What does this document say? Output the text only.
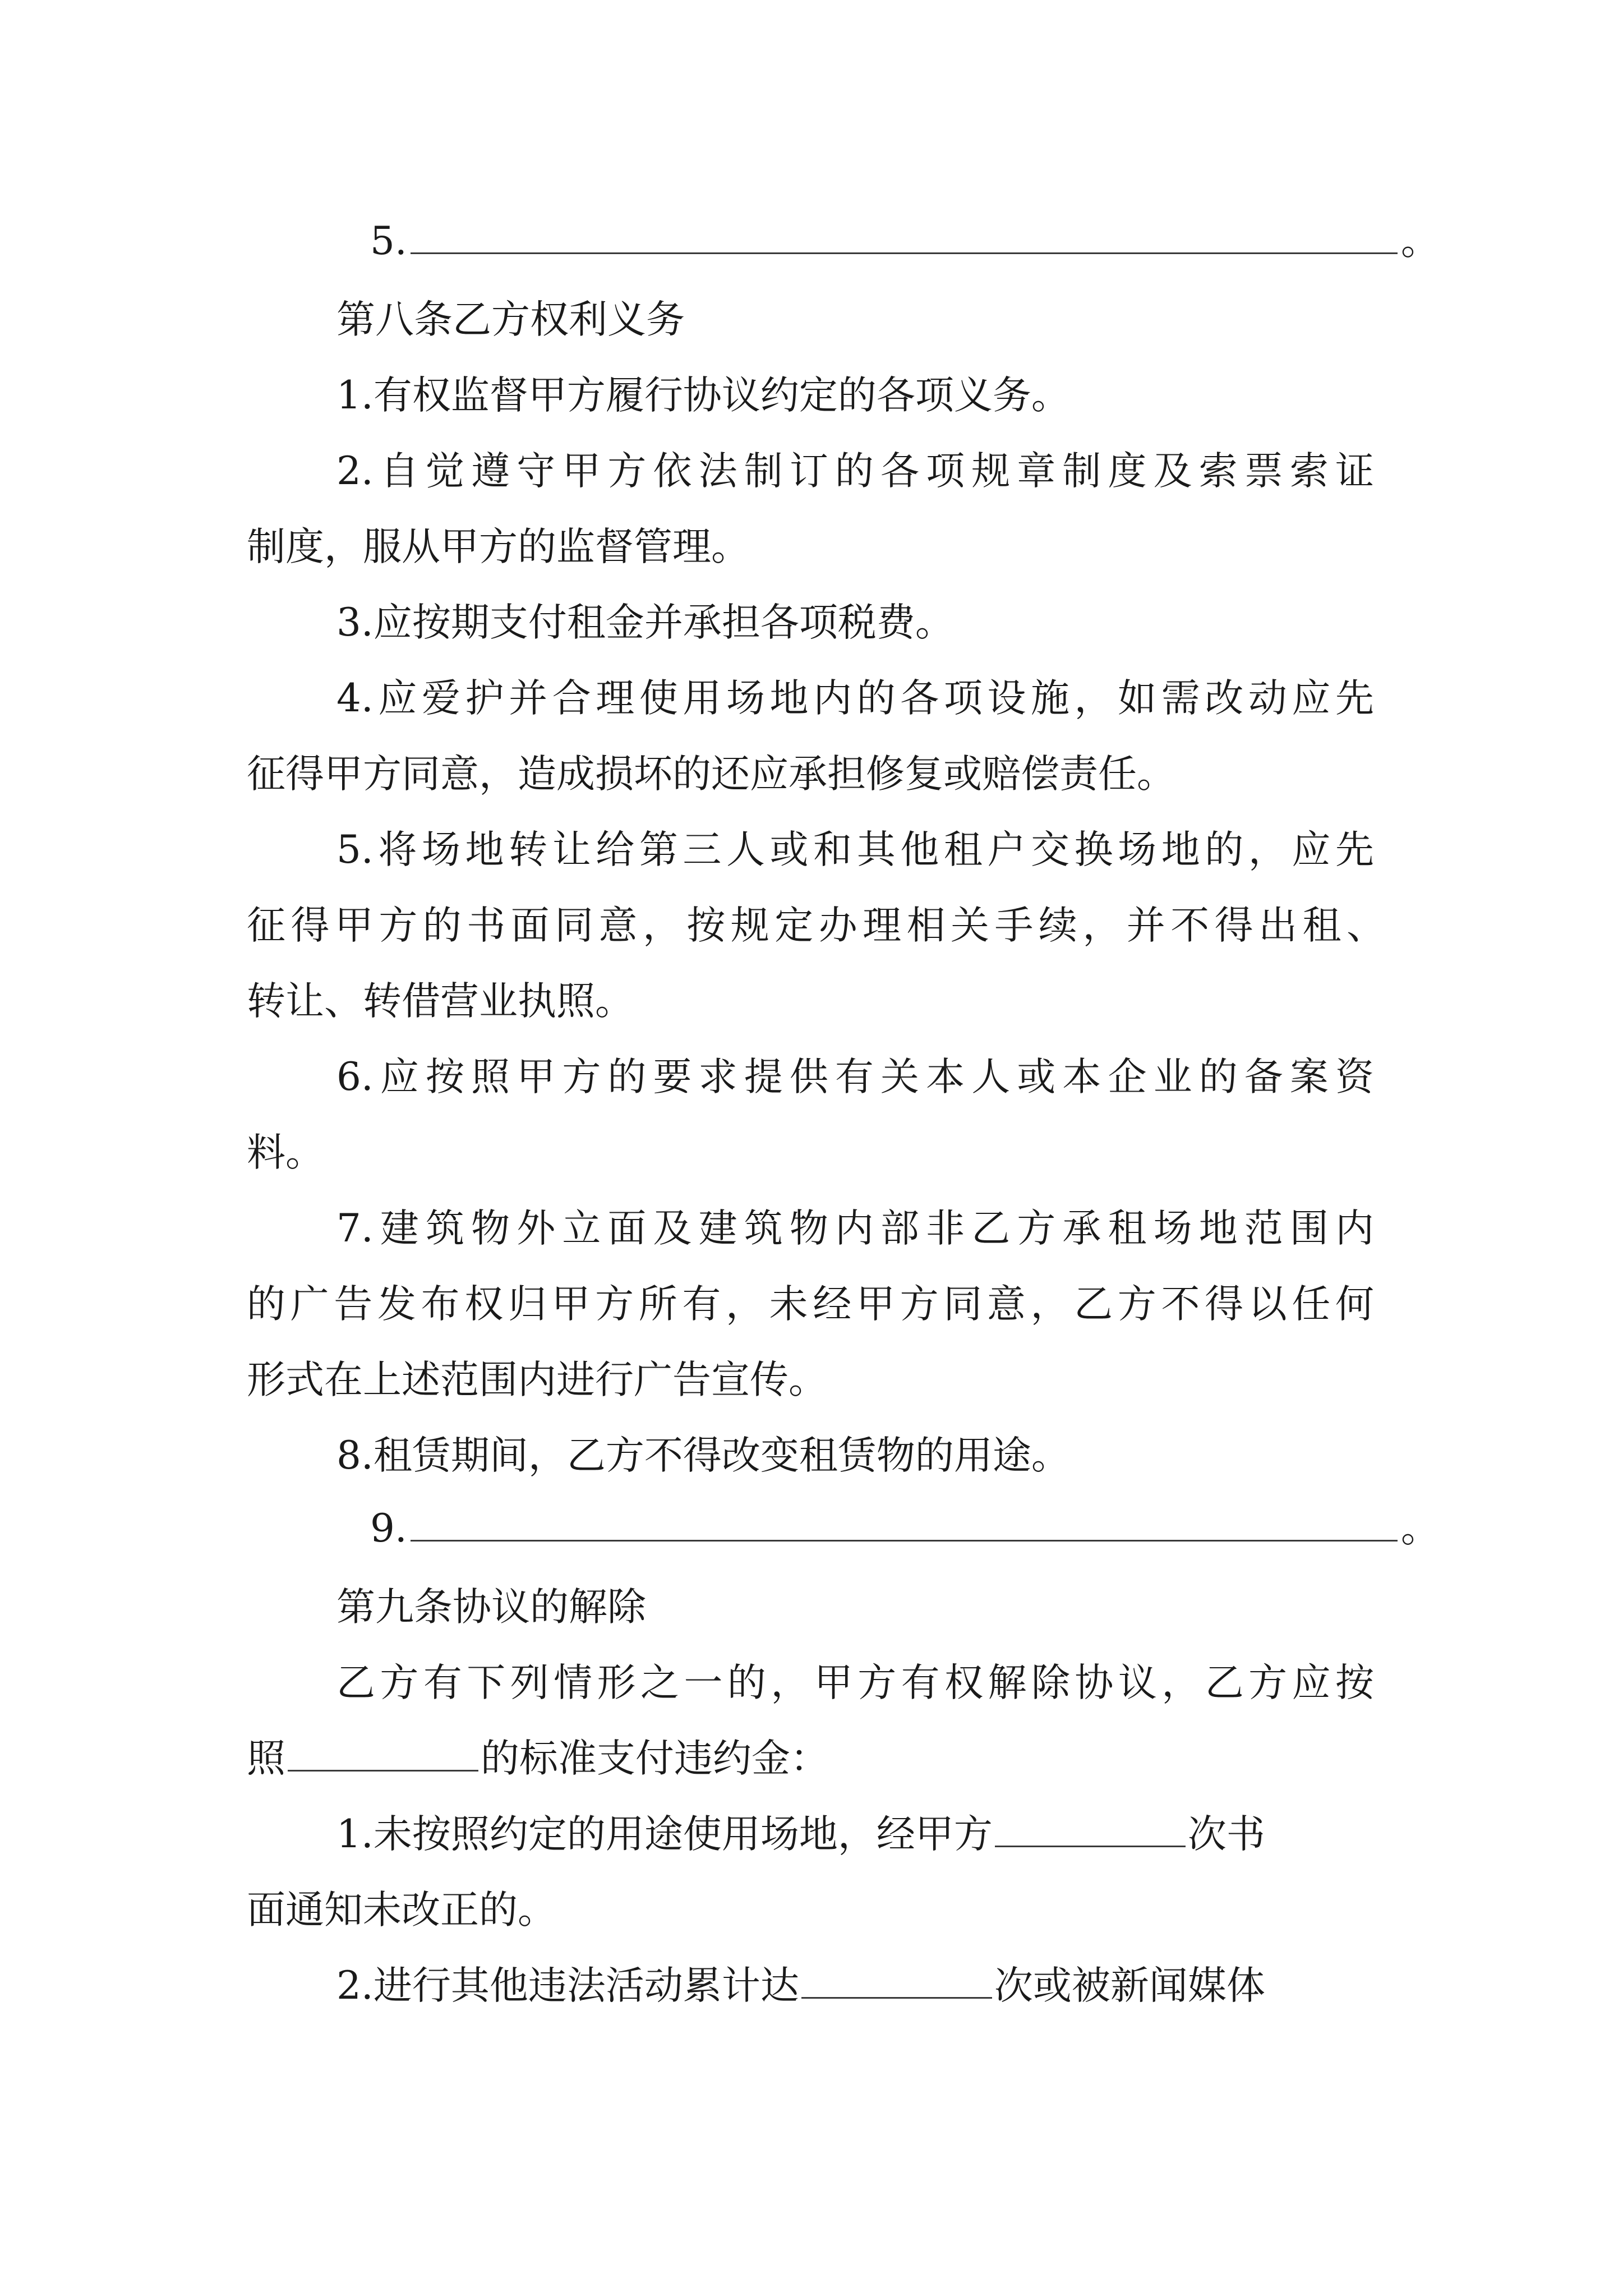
5.	。
第八条乙方权利义务
1.有权监督甲方履行协议约定的各项义务。
2.自觉遵守甲方依法制订的各项规章制度及索票索证
制度，服从甲方的监督管理。
3.应按期支付租金并承担各项税费。
4.应爱护并合理使用场地内的各项设施，如需改动应先
征得甲方同意，造成损坏的还应承担修复或赔偿责任。
5.将场地转让给第三人或和其他租户交换场地的，应先
征得甲方的书面同意，按规定办理相关手续，并不得出租、
转让、转借营业执照。
6.应按照甲方的要求提供有关本人或本企业的备案资
料。
7.建筑物外立面及建筑物内部非乙方承租场地范围内
的广告发布权归甲方所有，未经甲方同意，乙方不得以任何
形式在上述范围内进行广告宣传。
8.租赁期间，乙方不得改变租赁物的用途。
9.	。
第九条协议的解除
乙方有下列情形之一的，甲方有权解除协议，乙方应按
照	的标准支付违约金：
1.未按照约定的用途使用场地，经甲方	次书
面通知未改正的。
2.进行其他违法活动累计达	次或被新闻媒体
